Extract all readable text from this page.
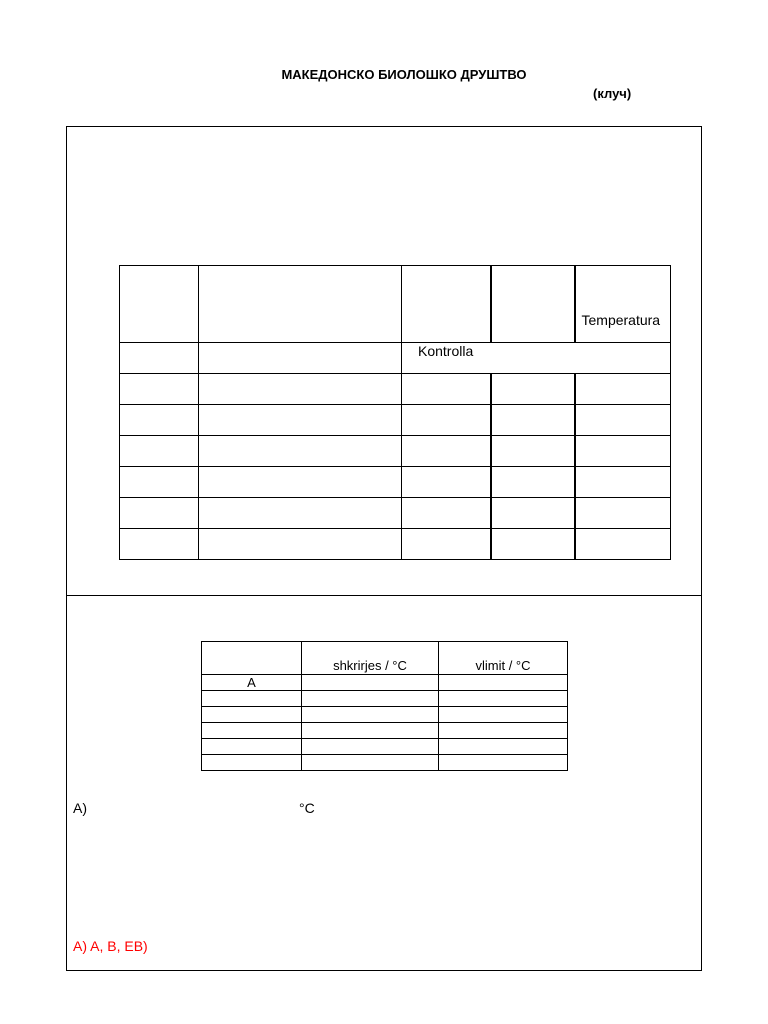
МАКЕДОНСКО БИОЛОШКО ДРУШТВО
(клуч)
				Temperatura
		Kontrolla		

	shkrirjes / °C	vlimit / °C
A		

A)	°C
A) A, B, EB)
